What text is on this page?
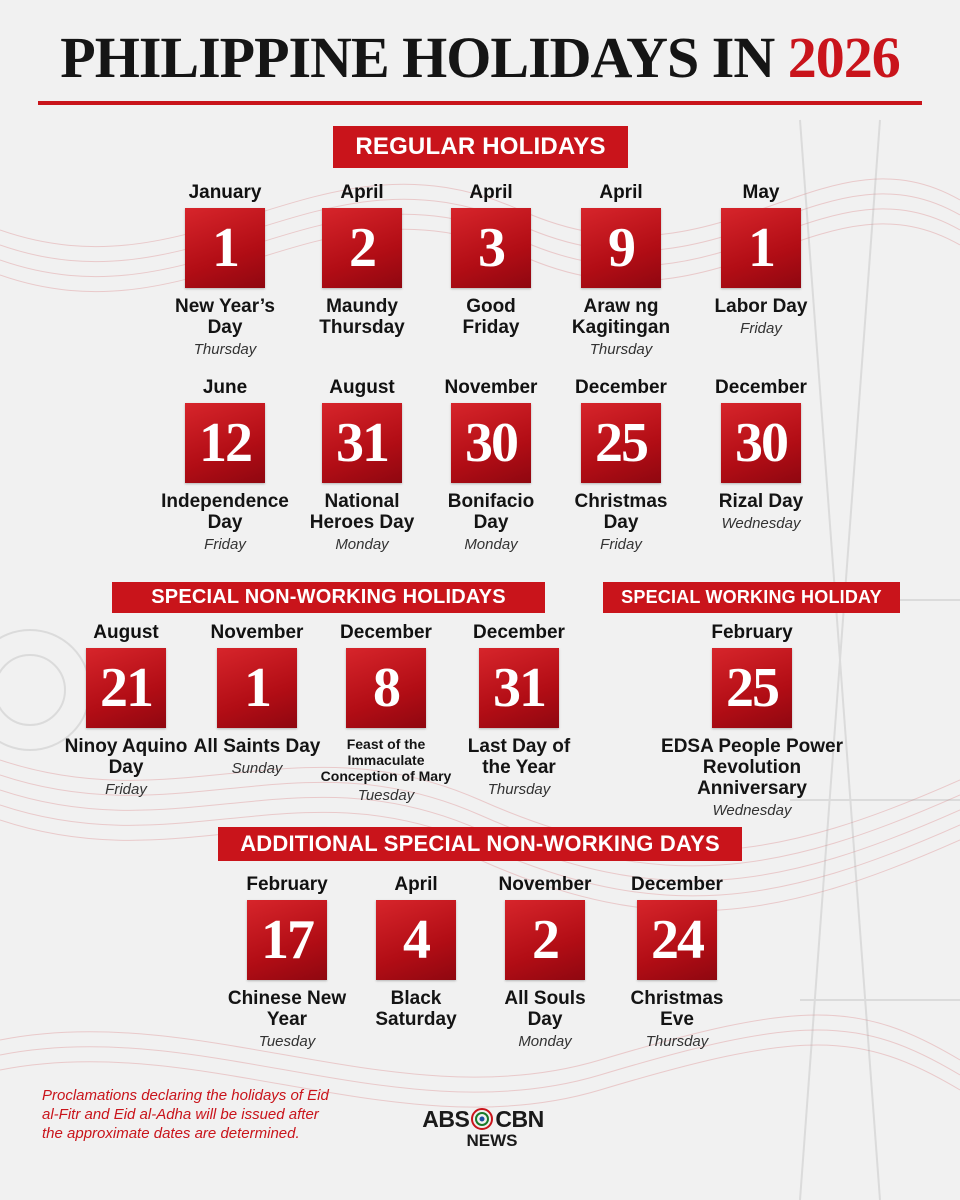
PHILIPPINE HOLIDAYS IN 2026
Proclamations declaring the holidays of Eid al-Fitr and Eid al-Adha will be issued after the approximate dates are determined.
ABS CBN
NEWS
REGULAR HOLIDAYS
January
1
New Year’s Day
Thursday
April
2
Maundy Thursday
April
3
Good Friday
April
9
Araw ng Kagitingan
Thursday
May
1
Labor Day
Friday
June
12
Independence Day
Friday
August
31
National Heroes Day
Monday
November
30
Bonifacio Day
Monday
December
25
Christmas Day
Friday
December
30
Rizal Day
Wednesday
SPECIAL NON-WORKING HOLIDAYS
August
21
Ninoy Aquino Day
Friday
November
1
All Saints Day
Sunday
December
8
Feast of the Immaculate Conception of Mary
Tuesday
December
31
Last Day of the Year
Thursday
SPECIAL WORKING HOLIDAY
February
25
EDSA People Power Revolution Anniversary
Wednesday
ADDITIONAL SPECIAL NON-WORKING DAYS
February
17
Chinese New Year
Tuesday
April
4
Black Saturday
November
2
All Souls Day
Monday
December
24
Christmas Eve
Thursday
